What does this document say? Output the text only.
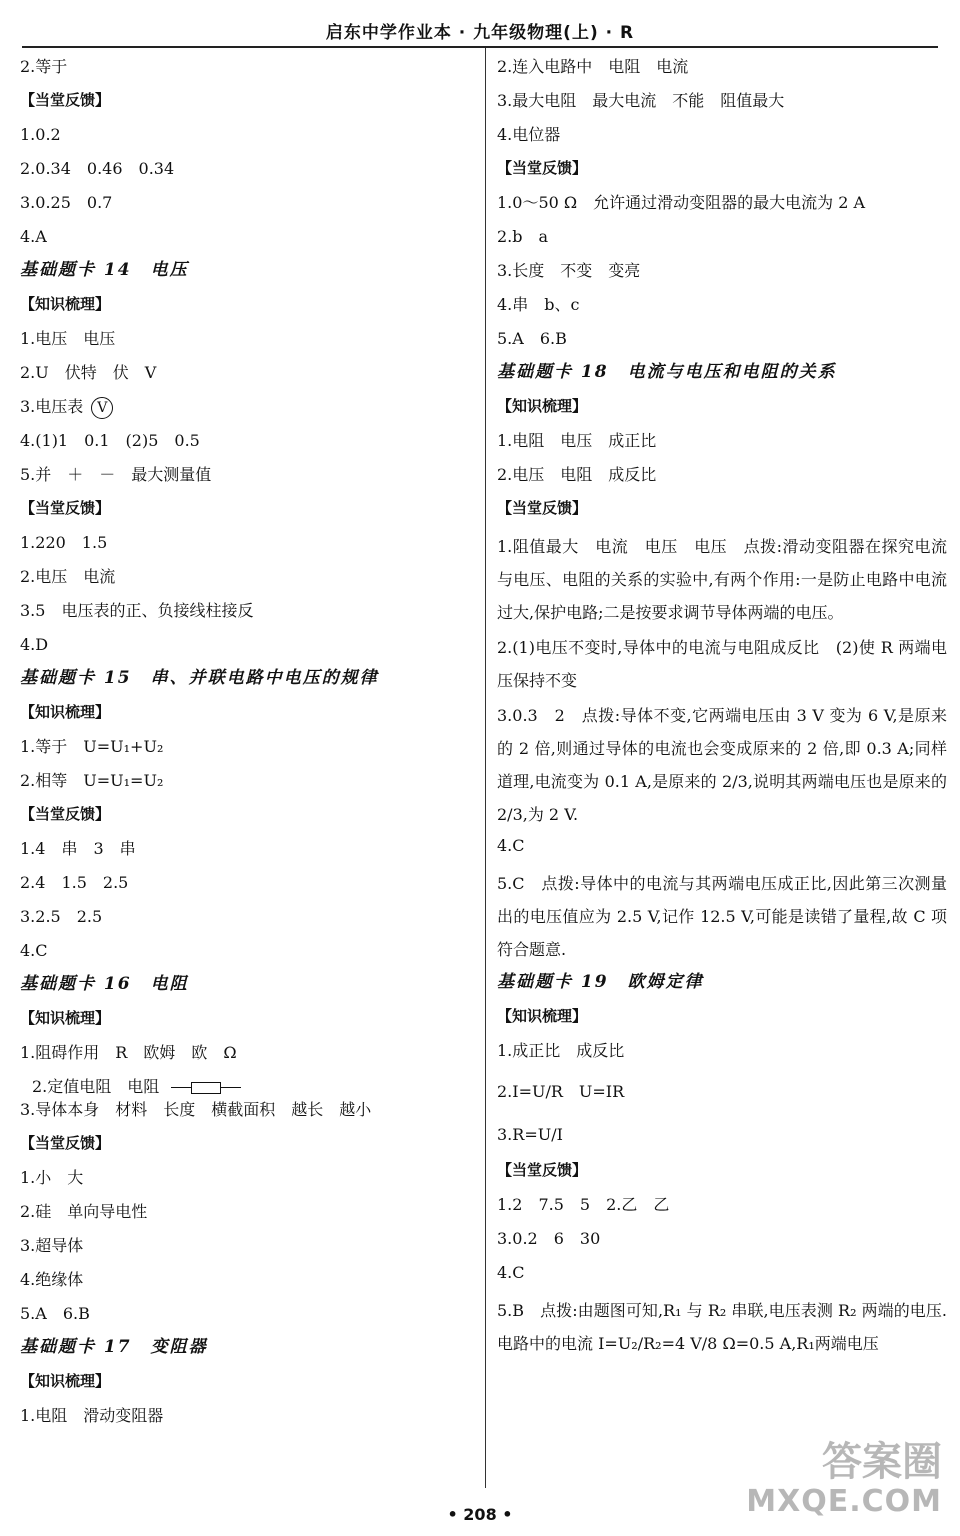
启东中学作业本 · 九年级物理(上) · R
2.等于
【当堂反馈】
1.0.2
2.0.34　0.46　0.34
3.0.25　0.7
4.A
基础题卡 14　电压
【知识梳理】
1.电压　电压
2.U　伏特　伏　V
3.电压表 V
4.(1)1　0.1　(2)5　0.5
5.并　＋　－　最大测量值
【当堂反馈】
1.220　1.5
2.电压　电流
3.5　电压表的正、负接线柱接反
4.D
基础题卡 15　串、并联电路中电压的规律
【知识梳理】
1.等于　U=U₁+U₂
2.相等　U=U₁=U₂
【当堂反馈】
1.4　串　3　串
2.4　1.5　2.5
3.2.5　2.5
4.C
基础题卡 16　电阻
【知识梳理】
1.阻碍作用　R　欧姆　欧　Ω
2.定值电阻　电阻
3.导体本身　材料　长度　横截面积　越长　越小
【当堂反馈】
1.小　大
2.硅　单向导电性
3.超导体
4.绝缘体
5.A　6.B
基础题卡 17　变阻器
【知识梳理】
1.电阻　滑动变阻器
2.连入电路中　电阻　电流
3.最大电阻　最大电流　不能　阻值最大
4.电位器
【当堂反馈】
1.0～50 Ω　允许通过滑动变阻器的最大电流为 2 A
2.b　a
3.长度　不变　变亮
4.串　b、c
5.A　6.B
基础题卡 18　电流与电压和电阻的关系
【知识梳理】
1.电阻　电压　成正比
2.电压　电阻　成反比
【当堂反馈】
1.阻值最大　电流　电压　电压　点拨:滑动变阻器在探究电流与电压、电阻的关系的实验中,有两个作用:一是防止电路中电流过大,保护电路;二是按要求调节导体两端的电压。
2.(1)电压不变时,导体中的电流与电阻成反比　(2)使 R 两端电压保持不变
3.0.3　2　点拨:导体不变,它两端电压由 3 V 变为 6 V,是原来的 2 倍,则通过导体的电流也会变成原来的 2 倍,即 0.3 A;同样道理,电流变为 0.1 A,是原来的 2/3,说明其两端电压也是原来的 2/3,为 2 V.
4.C
5.C　点拨:导体中的电流与其两端电压成正比,因此第三次测量出的电压值应为 2.5 V,记作 12.5 V,可能是读错了量程,故 C 项符合题意.
基础题卡 19　欧姆定律
【知识梳理】
1.成正比　成反比
2.I=U/R　U=IR
3.R=U/I
【当堂反馈】
1.2　7.5　5　2.乙　乙
3.0.2　6　30
4.C
5.B　点拨:由题图可知,R₁ 与 R₂ 串联,电压表测 R₂ 两端的电压. 电路中的电流 I=U₂/R₂=4 V/8 Ω=0.5 A,R₁两端电压
• 208 •
答案圈
MXQE.COM
